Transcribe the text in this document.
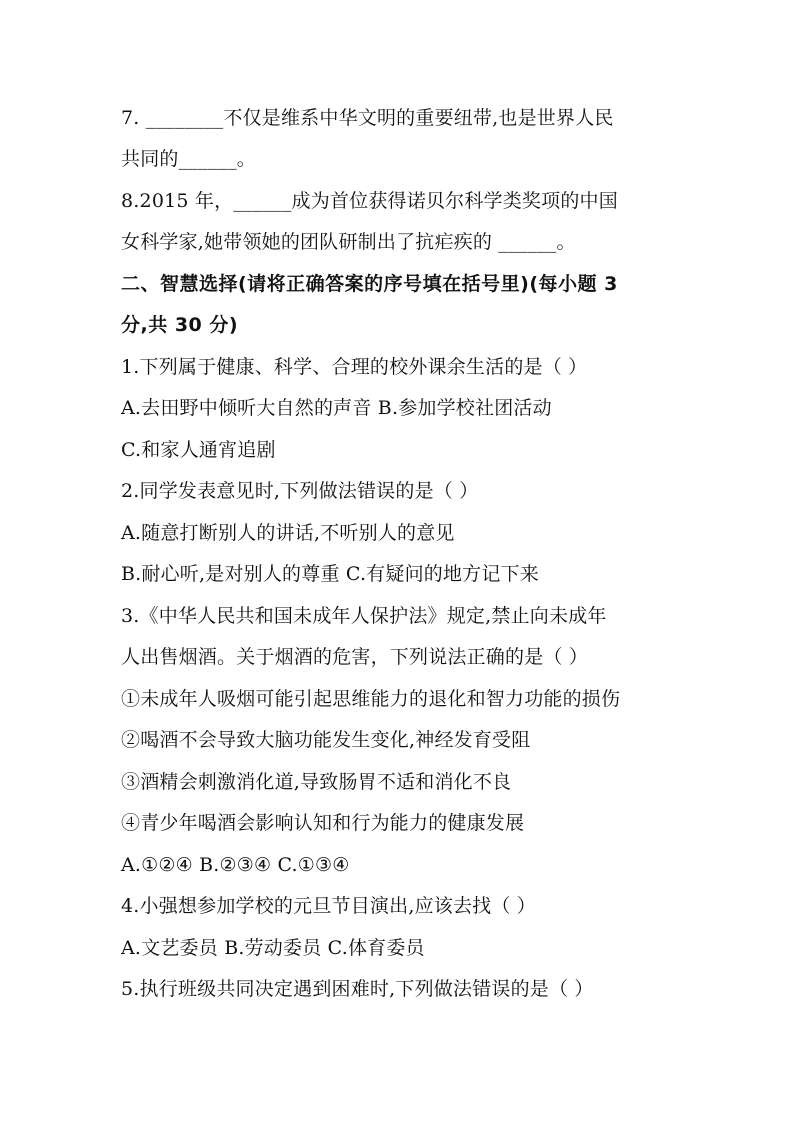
7. ________不仅是维系中华文明的重要纽带,也是世界人民
共同的______。
8.2015 年，______成为首位获得诺贝尔科学类奖项的中国
女科学家,她带领她的团队研制出了抗疟疾的 ______。
二、智慧选择(请将正确答案的序号填在括号里)(每小题 3
分,共 30 分)
1.下列属于健康、科学、合理的校外课余生活的是（ ）
A.去田野中倾听大自然的声音 B.参加学校社团活动
C.和家人通宵追剧
2.同学发表意见时,下列做法错误的是（ ）
A.随意打断别人的讲话,不听别人的意见
B.耐心听,是对别人的尊重 C.有疑问的地方记下来
3.《中华人民共和国未成年人保护法》规定,禁止向未成年
人出售烟酒。关于烟酒的危害，下列说法正确的是（ ）
①未成年人吸烟可能引起思维能力的退化和智力功能的损伤
②喝酒不会导致大脑功能发生变化,神经发育受阻
③酒精会刺激消化道,导致肠胃不适和消化不良
④青少年喝酒会影响认知和行为能力的健康发展
A.①②④ B.②③④ C.①③④
4.小强想参加学校的元旦节目演出,应该去找（ ）
A.文艺委员 B.劳动委员 C.体育委员
5.执行班级共同决定遇到困难时,下列做法错误的是（ ）
